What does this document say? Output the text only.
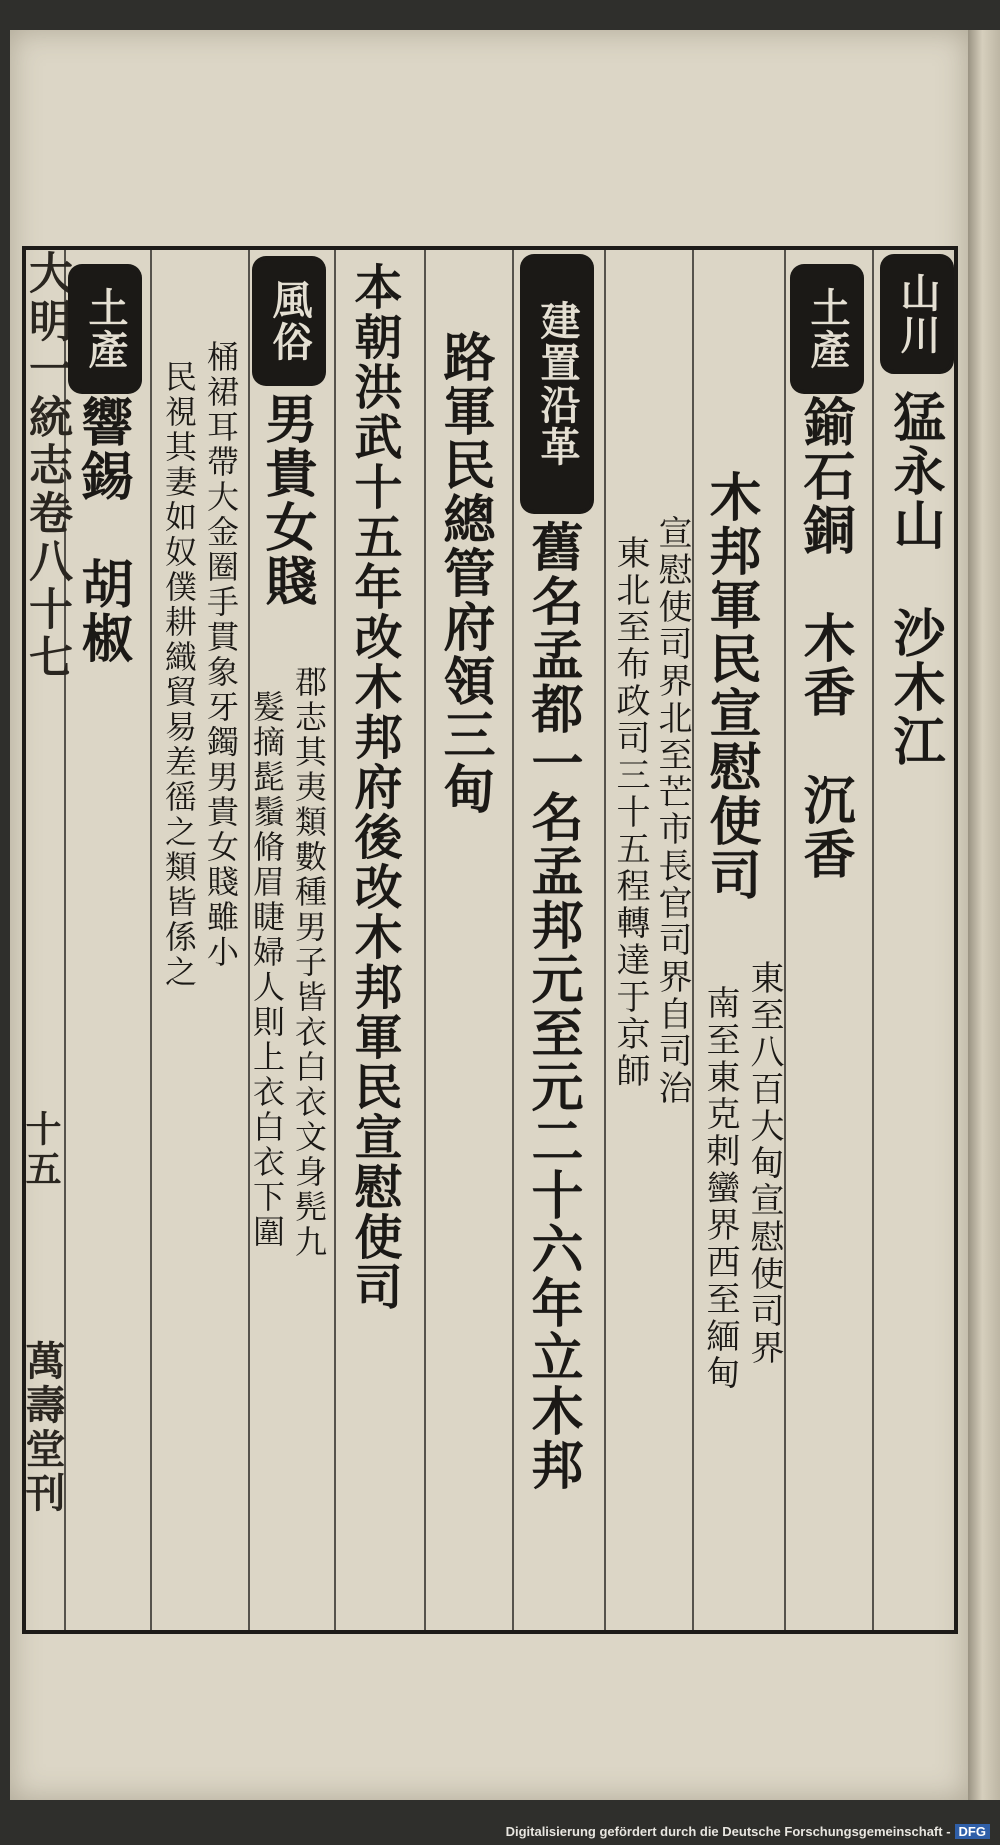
大明一統志卷八十七
十五
萬壽堂刊
山川
猛永山　沙木江
土產
鍮石銅　木香　沉香
木邦軍民宣慰使司
東至八百大甸宣慰使司界
南至東克剌蠻界西至緬甸
宣慰使司界北至芒市長官司界自司治
東北至布政司三十五程轉達于京師
建置沿革
舊名孟都一名孟邦元至元二十六年立木邦
路軍民總管府領三甸
本朝洪武十五年改木邦府後改木邦軍民宣慰使司
風俗
男貴女賤
郡志其夷類數種男子皆衣白衣文身髡九
髮摘髭鬚脩眉睫婦人則上衣白衣下圍
桶裙耳帶大金圈手貫象牙鐲男貴女賤雖小
民視其妻如奴僕耕織貿易差徭之類皆係之
土產
響錫　胡椒
Digitalisierung gefördert durch die Deutsche Forschungsgemeinschaft - DFG
